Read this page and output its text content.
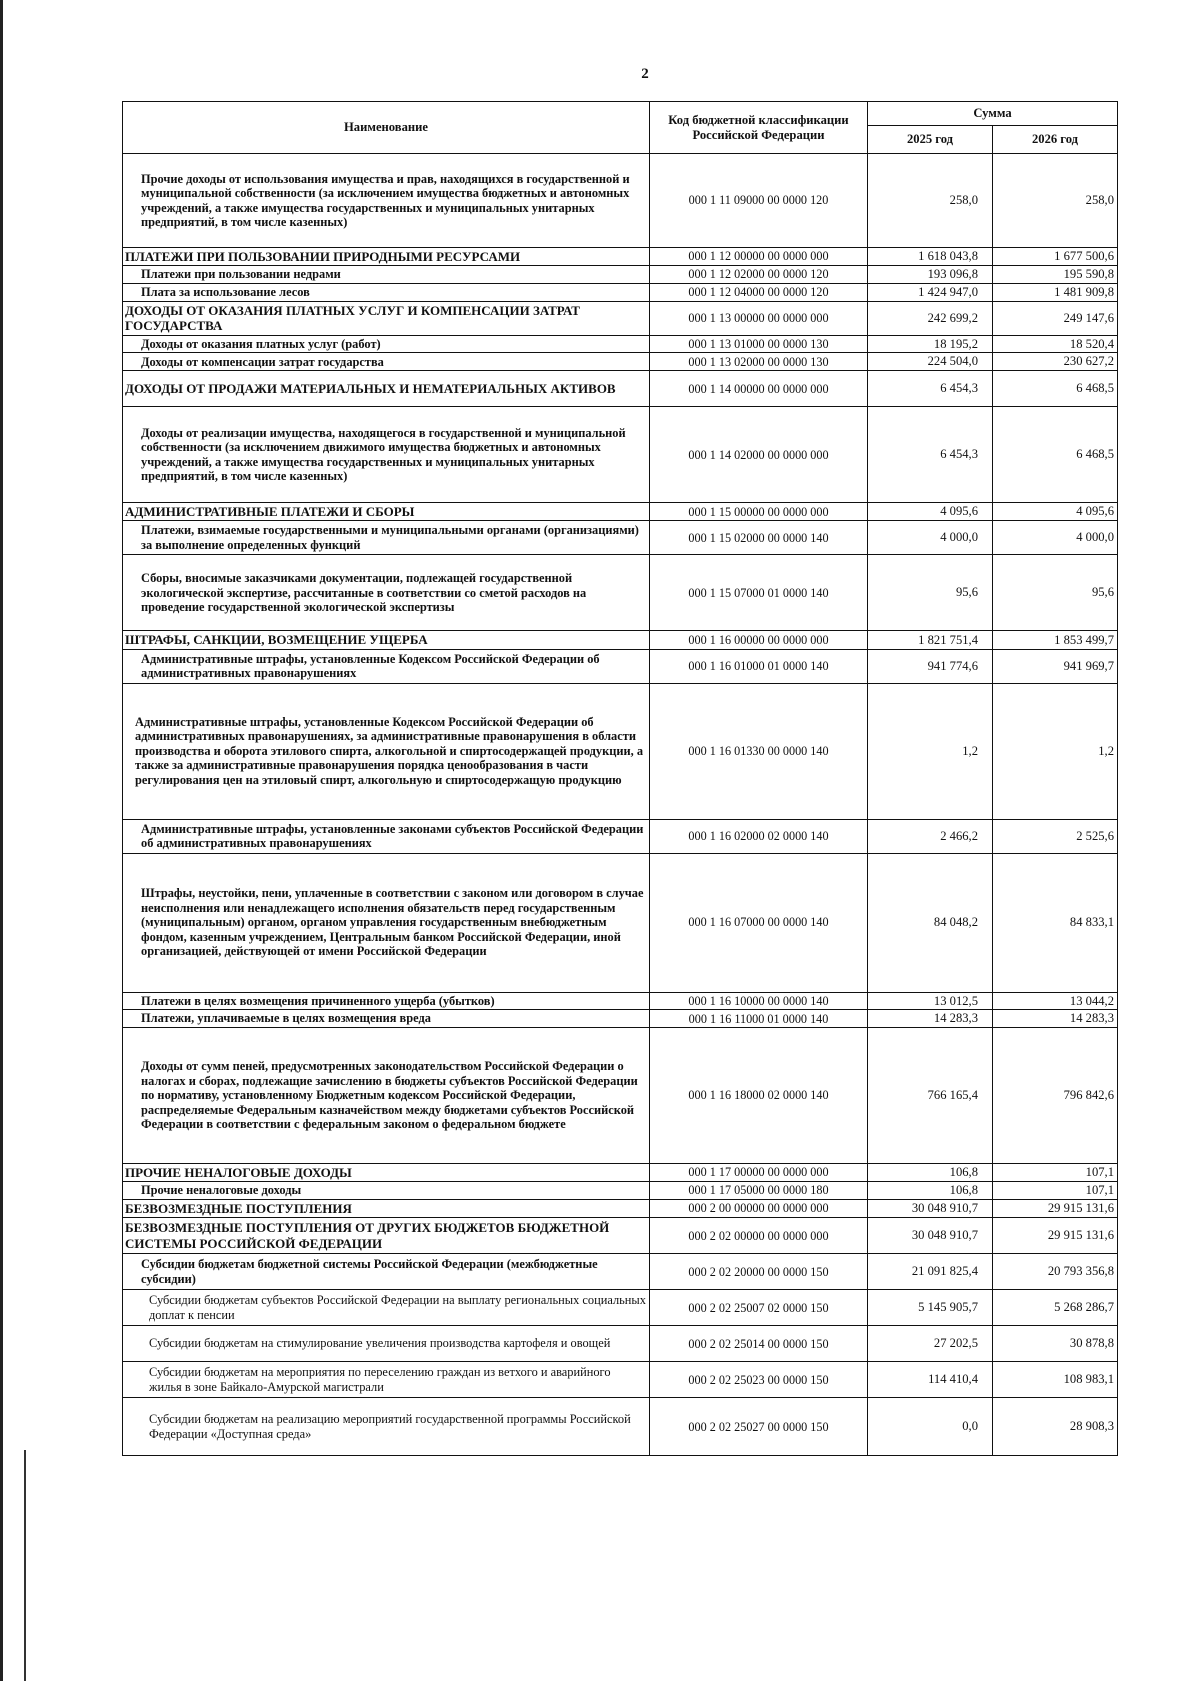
2
Наименование	Код бюджетной классификации Российской Федерации	Сумма	
		2025 год	2026 год
Прочие доходы от использования имущества и прав, находящихся в государственной и муниципальной собственности (за исключением имущества бюджетных и автономных учреждений, а также имущества государственных и муниципальных унитарных предприятий, в том числе казенных)	000 1 11 09000 00 0000 120	258,0	258,0
ПЛАТЕЖИ ПРИ ПОЛЬЗОВАНИИ ПРИРОДНЫМИ РЕСУРСАМИ	000 1 12 00000 00 0000 000	1 618 043,8	1 677 500,6
Платежи при пользовании недрами	000 1 12 02000 00 0000 120	193 096,8	195 590,8
Плата за использование лесов	000 1 12 04000 00 0000 120	1 424 947,0	1 481 909,8
ДОХОДЫ ОТ ОКАЗАНИЯ ПЛАТНЫХ УСЛУГ И КОМПЕНСАЦИИ ЗАТРАТ ГОСУДАРСТВА	000 1 13 00000 00 0000 000	242 699,2	249 147,6
Доходы от оказания платных услуг (работ)	000 1 13 01000 00 0000 130	18 195,2	18 520,4
Доходы от компенсации затрат государства	000 1 13 02000 00 0000 130	224 504,0	230 627,2
ДОХОДЫ ОТ ПРОДАЖИ МАТЕРИАЛЬНЫХ И НЕМАТЕРИАЛЬНЫХ АКТИВОВ	000 1 14 00000 00 0000 000	6 454,3	6 468,5
Доходы от реализации имущества, находящегося в государственной и муниципальной собственности (за исключением движимого имущества бюджетных и автономных учреждений, а также имущества государственных и муниципальных унитарных предприятий, в том числе казенных)	000 1 14 02000 00 0000 000	6 454,3	6 468,5
АДМИНИСТРАТИВНЫЕ ПЛАТЕЖИ И СБОРЫ	000 1 15 00000 00 0000 000	4 095,6	4 095,6
Платежи, взимаемые государственными и муниципальными органами (организациями) за выполнение определенных функций	000 1 15 02000 00 0000 140	4 000,0	4 000,0
Сборы, вносимые заказчиками документации, подлежащей государственной экологической экспертизе, рассчитанные в соответствии со сметой расходов на проведение государственной экологической экспертизы	000 1 15 07000 01 0000 140	95,6	95,6
ШТРАФЫ, САНКЦИИ, ВОЗМЕЩЕНИЕ УЩЕРБА	000 1 16 00000 00 0000 000	1 821 751,4	1 853 499,7
Административные штрафы, установленные Кодексом Российской Федерации об административных правонарушениях	000 1 16 01000 01 0000 140	941 774,6	941 969,7
Административные штрафы, установленные Кодексом Российской Федерации об административных правонарушениях, за административные правонарушения в области производства и оборота этилового спирта, алкогольной и спиртосодержащей продукции, а также за административные правонарушения порядка ценообразования в части регулирования цен на этиловый спирт, алкогольную и спиртосодержащую продукцию	000 1 16 01330 00 0000 140	1,2	1,2
Административные штрафы, установленные законами субъектов Российской Федерации об административных правонарушениях	000 1 16 02000 02 0000 140	2 466,2	2 525,6
Штрафы, неустойки, пени, уплаченные в соответствии с законом или договором в случае неисполнения или ненадлежащего исполнения обязательств перед государственным (муниципальным) органом, органом управления государственным внебюджетным фондом, казенным учреждением, Центральным банком Российской Федерации, иной организацией, действующей от имени Российской Федерации	000 1 16 07000 00 0000 140	84 048,2	84 833,1
Платежи в целях возмещения причиненного ущерба (убытков)	000 1 16 10000 00 0000 140	13 012,5	13 044,2
Платежи, уплачиваемые в целях возмещения вреда	000 1 16 11000 01 0000 140	14 283,3	14 283,3
Доходы от сумм пеней, предусмотренных законодательством Российской Федерации о налогах и сборах, подлежащие зачислению в бюджеты субъектов Российской Федерации по нормативу, установленному Бюджетным кодексом Российской Федерации, распределяемые Федеральным казначейством между бюджетами субъектов Российской Федерации в соответствии с федеральным законом о федеральном бюджете	000 1 16 18000 02 0000 140	766 165,4	796 842,6
ПРОЧИЕ НЕНАЛОГОВЫЕ ДОХОДЫ	000 1 17 00000 00 0000 000	106,8	107,1
Прочие неналоговые доходы	000 1 17 05000 00 0000 180	106,8	107,1
БЕЗВОЗМЕЗДНЫЕ ПОСТУПЛЕНИЯ	000 2 00 00000 00 0000 000	30 048 910,7	29 915 131,6
БЕЗВОЗМЕЗДНЫЕ ПОСТУПЛЕНИЯ ОТ ДРУГИХ БЮДЖЕТОВ БЮДЖЕТНОЙ СИСТЕМЫ РОССИЙСКОЙ ФЕДЕРАЦИИ	000 2 02 00000 00 0000 000	30 048 910,7	29 915 131,6
Субсидии бюджетам бюджетной системы Российской Федерации (межбюджетные субсидии)	000 2 02 20000 00 0000 150	21 091 825,4	20 793 356,8
Субсидии бюджетам субъектов Российской Федерации на выплату региональных социальных доплат к пенсии	000 2 02 25007 02 0000 150	5 145 905,7	5 268 286,7
Субсидии бюджетам на стимулирование увеличения производства картофеля и овощей	000 2 02 25014 00 0000 150	27 202,5	30 878,8
Субсидии бюджетам на мероприятия по переселению граждан из ветхого и аварийного жилья в зоне Байкало-Амурской магистрали	000 2 02 25023 00 0000 150	114 410,4	108 983,1
Субсидии бюджетам на реализацию мероприятий государственной программы Российской Федерации «Доступная среда»	000 2 02 25027 00 0000 150	0,0	28 908,3
